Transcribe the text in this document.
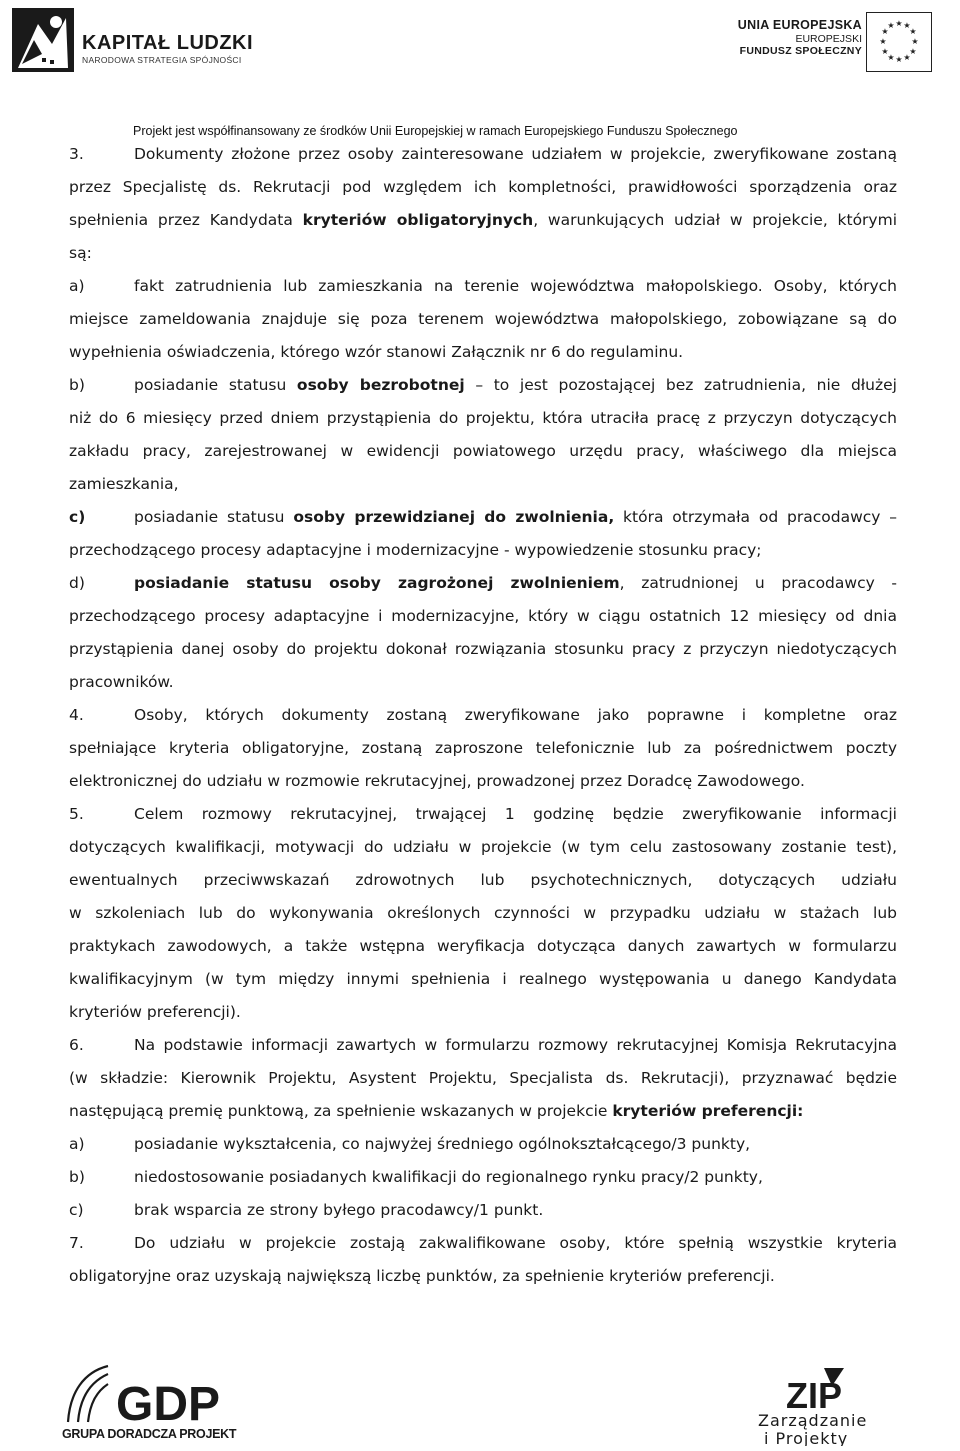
KAPITAŁ LUDZKI
NARODOWA STRATEGIA SPÓJNOŚCI
UNIA EUROPEJSKA
EUROPEJSKI
FUNDUSZ SPOŁECZNY
★ ★
★
★
★
★
★
★
★
★
★
★
Projekt jest współfinansowany ze środków Unii Europejskiej w ramach Europejskiego Funduszu Społecznego
3.	Dokumenty złożone przez osoby zainteresowane udziałem w projekcie, zweryfikowane zostaną
przez Specjalistę ds. Rekrutacji pod względem ich kompletności, prawidłowości sporządzenia oraz
spełnienia przez Kandydata kryteriów obligatoryjnych, warunkujących udział w projekcie, którymi
są:
a)	fakt zatrudnienia lub zamieszkania na terenie województwa małopolskiego. Osoby, których
miejsce zameldowania znajduje się poza terenem województwa małopolskiego, zobowiązane są do
wypełnienia oświadczenia, którego wzór stanowi Załącznik nr 6 do regulaminu.
b)	posiadanie statusu osoby bezrobotnej – to jest pozostającej bez zatrudnienia, nie dłużej
niż do 6 miesięcy przed dniem przystąpienia do projektu, która utraciła pracę z przyczyn dotyczących
zakładu pracy, zarejestrowanej w ewidencji powiatowego urzędu pracy, właściwego dla miejsca
zamieszkania,
c)	posiadanie statusu osoby przewidzianej do zwolnienia, która otrzymała od pracodawcy –
przechodzącego procesy adaptacyjne i modernizacyjne - wypowiedzenie stosunku pracy;
d)	posiadanie statusu osoby zagrożonej zwolnieniem, zatrudnionej u pracodawcy -
przechodzącego procesy adaptacyjne i modernizacyjne, który w ciągu ostatnich 12 miesięcy od dnia
przystąpienia danej osoby do projektu dokonał rozwiązania stosunku pracy z przyczyn niedotyczących
pracowników.
4.	Osoby, których dokumenty zostaną zweryfikowane jako poprawne i kompletne oraz
spełniające kryteria obligatoryjne, zostaną zaproszone telefonicznie lub za pośrednictwem poczty
elektronicznej do udziału w rozmowie rekrutacyjnej, prowadzonej przez Doradcę Zawodowego.
5.	Celem rozmowy rekrutacyjnej, trwającej 1 godzinę będzie zweryfikowanie informacji
dotyczących kwalifikacji, motywacji do udziału w projekcie (w tym celu zastosowany zostanie test),
ewentualnych przeciwwskazań zdrowotnych lub psychotechnicznych, dotyczących udziału
w szkoleniach lub do wykonywania określonych czynności w przypadku udziału w stażach lub
praktykach zawodowych, a także wstępna weryfikacja dotycząca danych zawartych w formularzu
kwalifikacyjnym (w tym między innymi spełnienia i realnego występowania u danego Kandydata
kryteriów preferencji).
6.	Na podstawie informacji zawartych w formularzu rozmowy rekrutacyjnej Komisja Rekrutacyjna
(w składzie: Kierownik Projektu, Asystent Projektu, Specjalista ds. Rekrutacji), przyznawać będzie
następującą premię punktową, za spełnienie wskazanych w projekcie kryteriów preferencji:
a)	posiadanie wykształcenia, co najwyżej średniego ogólnokształcącego/3 punkty,
b)	niedostosowanie posiadanych kwalifikacji do regionalnego rynku pracy/2 punkty,
c)	brak wsparcia ze strony byłego pracodawcy/1 punkt.
7.	Do udziału w projekcie zostają zakwalifikowane osoby, które spełnią wszystkie kryteria
obligatoryjne oraz uzyskają największą liczbę punktów, za spełnienie kryteriów preferencji.
GDP
GRUPA DORADCZA PROJEKT
ZIP
Zarządzanie
i Projekty
